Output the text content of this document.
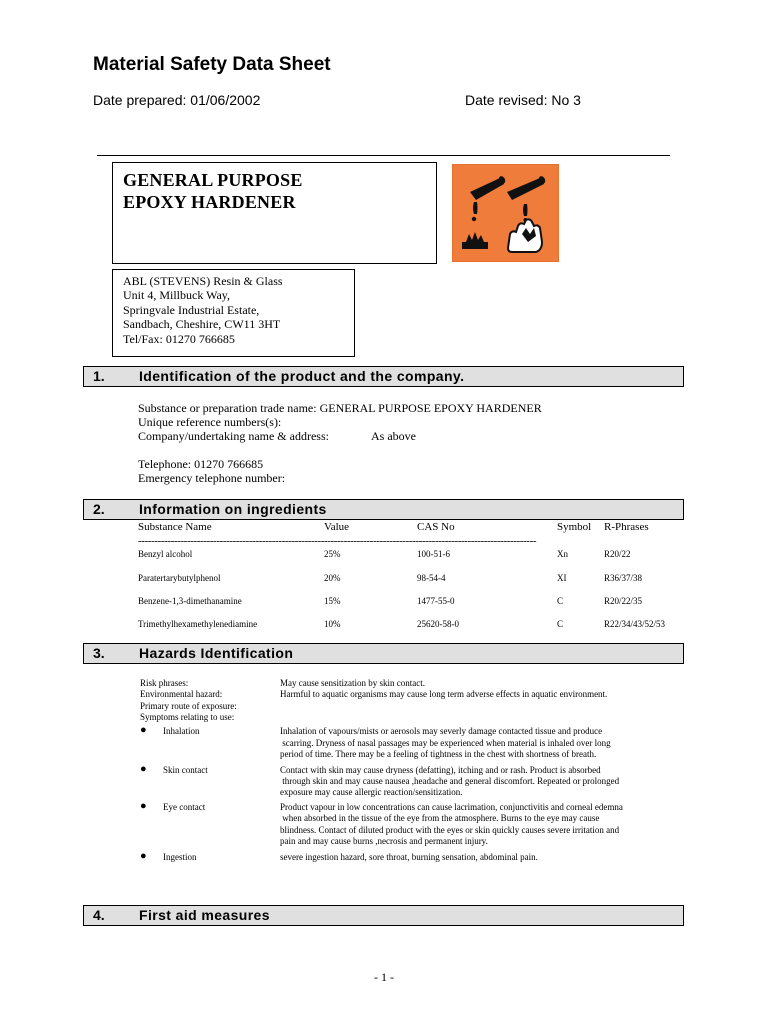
Material Safety Data Sheet
Date prepared: 01/06/2002	Date revised: No 3
GENERAL PURPOSE
EPOXY HARDENER
ABL (STEVENS) Resin & Glass
Unit 4, Millbuck Way,
Springvale Industrial Estate,
Sandbach, Cheshire, CW11 3HT
Tel/Fax: 01270 766685
1. Identification of the product and the company.
Substance or preparation trade name: GENERAL PURPOSE EPOXY HARDENER
Unique reference numbers(s):
Company/undertaking name & address:	As above
Telephone: 01270 766685
Emergency telephone number:
2. Information on ingredients
Substance Name	Value	CAS No	Symbol R-Phrases
--------------------------------------------------------------------------------------------------------------------------
Benzyl alcohol	25%	100-51-6	Xn	R20/22
Paratertarybutylphenol	20%	98-54-4	XI	R36/37/38
Benzene-1,3-dimethanamine	15%	1477-55-0	C	R20/22/35
Trimethylhexamethylenediamine	10%	25620-58-0	C	R22/34/43/52/53
3. Hazards Identification
Risk phrases:	May cause sensitization by skin contact.
Environmental hazard:	Harmful to aquatic organisms may cause long term adverse effects in aquatic environment.
Primary route of exposure:
Symptoms relating to use:
● Inhalation	Inhalation of vapours/mists or aerosols may severly damage contacted tissue and produce
scarring. Dryness of nasal passages may be experienced when material is inhaled over long
period of time. There may be a feeling of tightness in the chest with shortness of breath.
● Skin contact	Contact with skin may cause dryness (defatting), itching and or rash. Product is absorbed
through skin and may cause nausea ,headache and general discomfort. Repeated or prolonged
exposure may cause allergic reaction/sensitization.
● Eye contact	Product vapour in low concentrations can cause lacrimation, conjunctivitis and corneal edemna
when absorbed in the tissue of the eye from the atmosphere. Burns to the eye may cause
blindness. Contact of diluted product with the eyes or skin quickly causes severe irritation and
pain and may cause burns ,necrosis and permanent injury.
● Ingestion	severe ingestion hazard, sore throat, burning sensation, abdominal pain.
4. First aid measures
- 1 -
